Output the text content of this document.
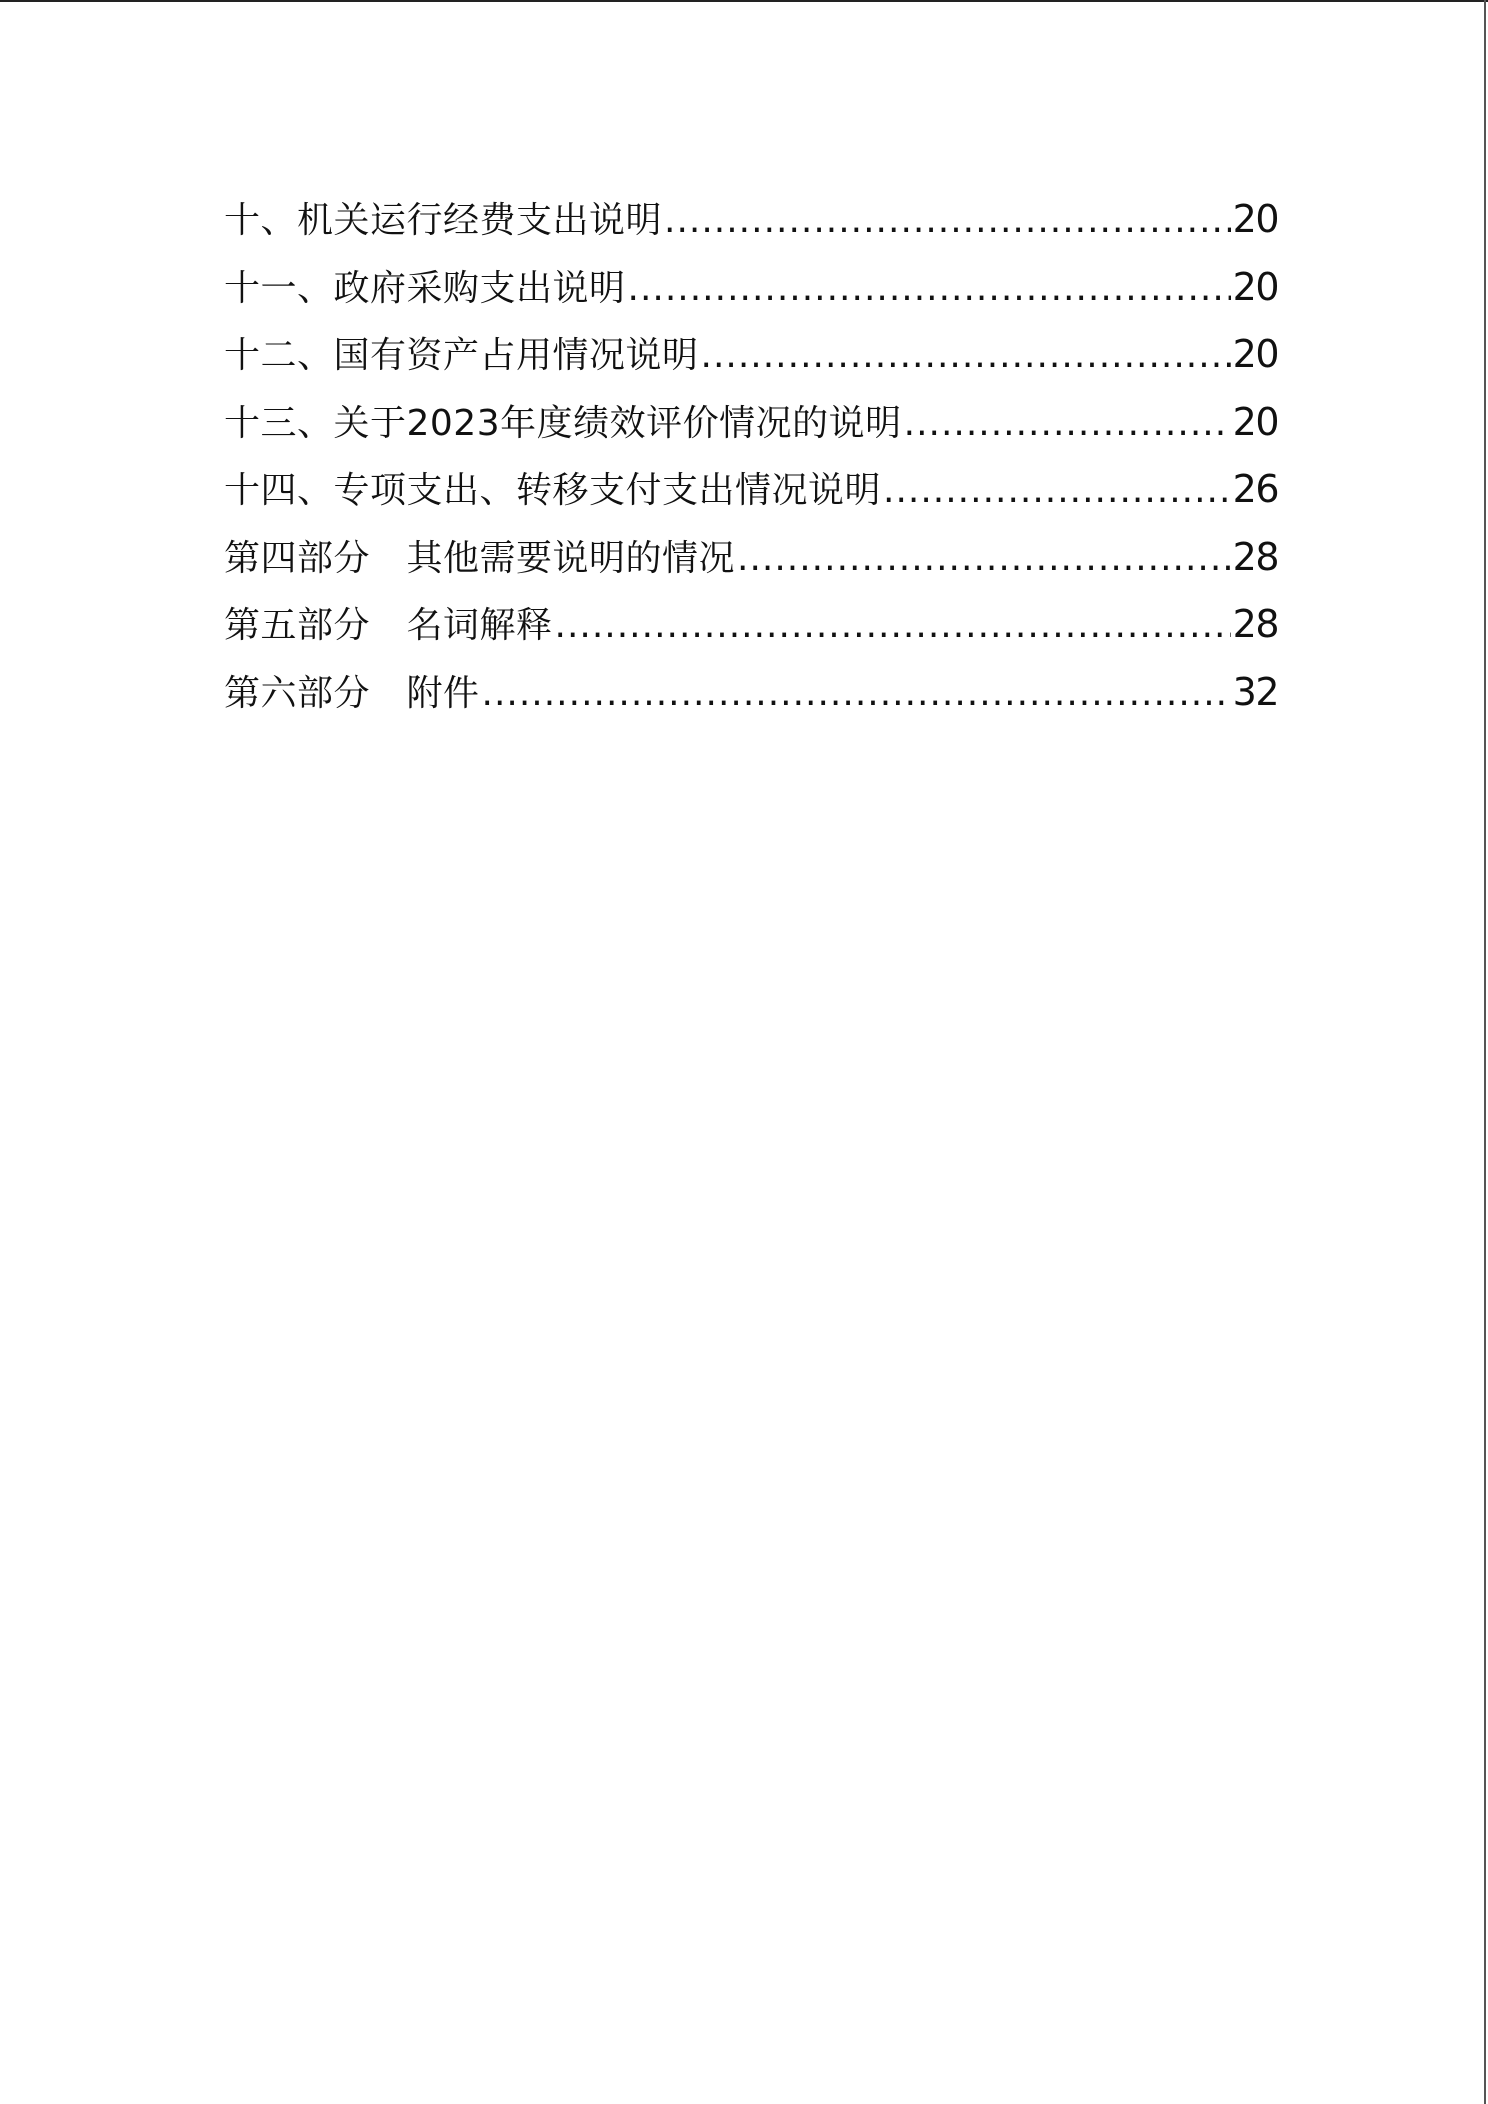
十、机关运行经费支出说明 .....	20
十一、政府采购支出说明 .....	20
十二、国有资产占用情况说明 .....	20
十三、关于2023年度绩效评价情况的说明 .....	20
十四、专项支出、转移支付支出情况说明 .....	26
第四部分　其他需要说明的情况 .....	28
第五部分　名词解释 .....	28
第六部分　附件 .....	32
